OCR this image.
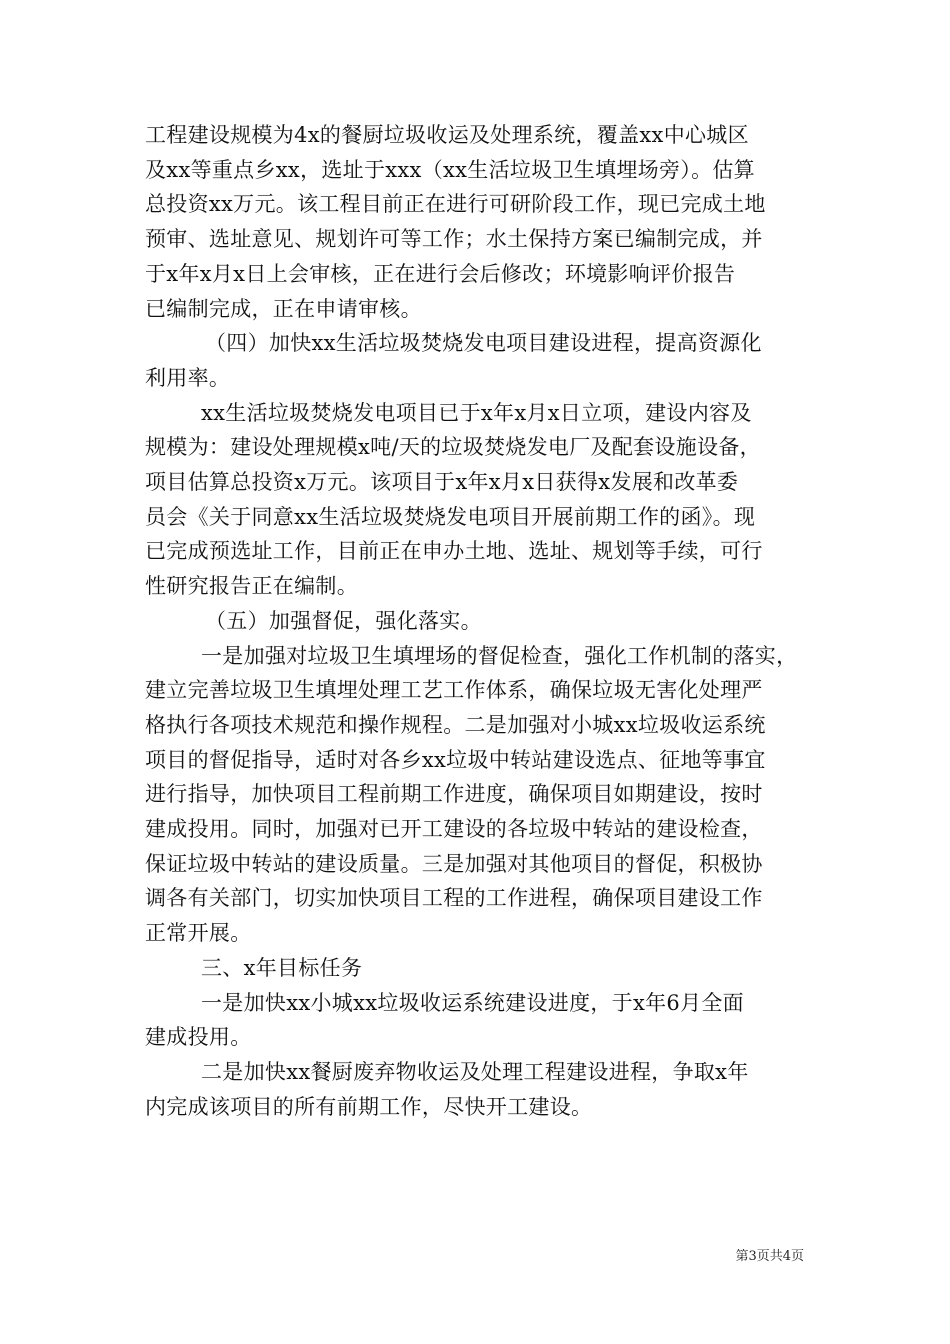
工程建设规模为4x的餐厨垃圾收运及处理系统，覆盖xx中心城区
及xx等重点乡xx，选址于xxx（xx生活垃圾卫生填埋场旁）。估算
总投资xx万元。该工程目前正在进行可研阶段工作，现已完成土地
预审、选址意见、规划许可等工作；水土保持方案已编制完成，并
于x年x月x日上会审核，正在进行会后修改；环境影响评价报告
已编制完成，正在申请审核。
（四）加快xx生活垃圾焚烧发电项目建设进程，提高资源化
利用率。
xx生活垃圾焚烧发电项目已于x年x月x日立项，建设内容及
规模为：建设处理规模x吨/天的垃圾焚烧发电厂及配套设施设备，
项目估算总投资x万元。该项目于x年x月x日获得x发展和改革委
员会《关于同意xx生活垃圾焚烧发电项目开展前期工作的函》。现
已完成预选址工作，目前正在申办土地、选址、规划等手续，可行
性研究报告正在编制。
（五）加强督促，强化落实。
一是加强对垃圾卫生填埋场的督促检查，强化工作机制的落实，
建立完善垃圾卫生填埋处理工艺工作体系，确保垃圾无害化处理严
格执行各项技术规范和操作规程。二是加强对小城xx垃圾收运系统
项目的督促指导，适时对各乡xx垃圾中转站建设选点、征地等事宜
进行指导，加快项目工程前期工作进度，确保项目如期建设，按时
建成投用。同时，加强对已开工建设的各垃圾中转站的建设检查，
保证垃圾中转站的建设质量。三是加强对其他项目的督促，积极协
调各有关部门，切实加快项目工程的工作进程，确保项目建设工作
正常开展。
三、x年目标任务
一是加快xx小城xx垃圾收运系统建设进度，于x年6月全面
建成投用。
二是加快xx餐厨废弃物收运及处理工程建设进程，争取x年
内完成该项目的所有前期工作，尽快开工建设。
第3页共4页
